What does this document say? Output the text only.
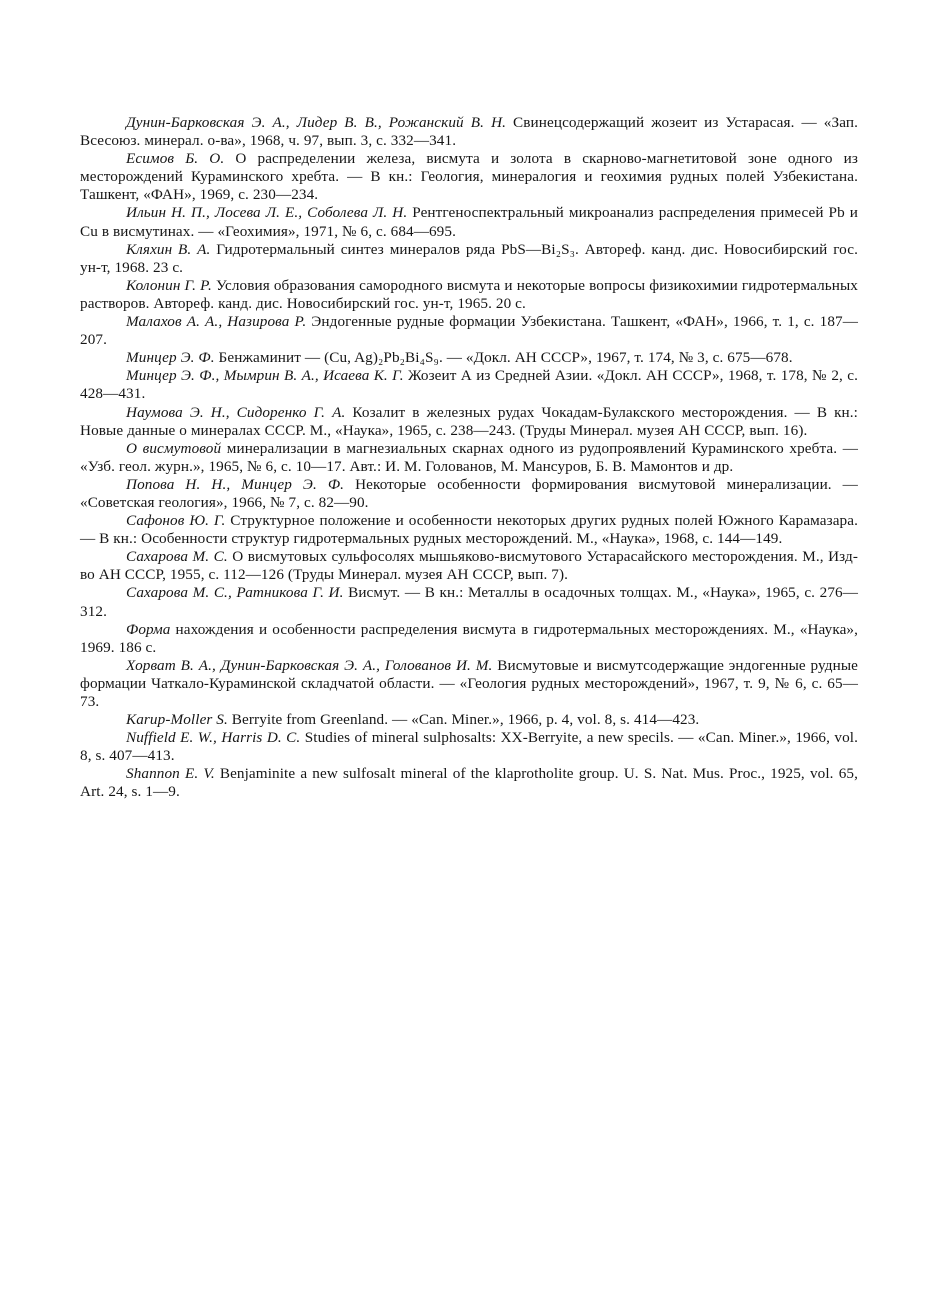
Дунин-Барковская Э. А., Лидер В. В., Рожанский В. Н. Свинецсодержащий жозеит из Устарасая. — «Зап. Всесоюз. минерал. о-ва», 1968, ч. 97, вып. 3, с. 332—341.

Есимов Б. О. О распределении железа, висмута и золота в скарново-магнетитовой зоне одного из месторождений Кураминского хребта. — В кн.: Геология, минералогия и геохимия рудных полей Узбекистана. Ташкент, «ФАН», 1969, с. 230—234.

Ильин Н. П., Лосева Л. Е., Соболева Л. Н. Рентгеноспектральный микроанализ распределения примесей Pb и Cu в висмутинах. — «Геохимия», 1971, № 6, с. 684—695.

Кляхин В. А. Гидротермальный синтез минералов ряда PbS—Bi₂S₃. Автореф. канд. дис. Новосибирский гос. ун-т, 1968. 23 с.

Колонин Г. Р. Условия образования самородного висмута и некоторые вопросы физикохимии гидротермальных растворов. Автореф. канд. дис. Новосибирский гос. ун-т, 1965. 20 с.

Малахов А. А., Назирова Р. Эндогенные рудные формации Узбекистана. Ташкент, «ФАН», 1966, т. 1, с. 187—207.

Минцер Э. Ф. Бенжаминит — (Cu, Ag)₂Pb₂Bi₄S₉. — «Докл. АН СССР», 1967, т. 174, № 3, с. 675—678.

Минцер Э. Ф., Мымрин В. А., Исаева К. Г. Жозеит А из Средней Азии. «Докл. АН СССР», 1968, т. 178, № 2, с. 428—431.

Наумова Э. Н., Сидоренко Г. А. Козалит в железных рудах Чокадам-Булакского месторождения. — В кн.: Новые данные о минералах СССР. М., «Наука», 1965, с. 238—243. (Труды Минерал. музея АН СССР, вып. 16).

О висмутовой минерализации в магнезиальных скарнах одного из рудопроявлений Кураминского хребта. — «Узб. геол. журн.», 1965, № 6, с. 10—17. Авт.: И. М. Голованов, М. Мансуров, Б. В. Мамонтов и др.

Попова Н. Н., Минцер Э. Ф. Некоторые особенности формирования висмутовой минерализации. — «Советская геология», 1966, № 7, с. 82—90.

Сафонов Ю. Г. Структурное положение и особенности некоторых других рудных полей Южного Карамазара. — В кн.: Особенности структур гидротермальных рудных месторождений. М., «Наука», 1968, с. 144—149.

Сахарова М. С. О висмутовых сульфосолях мышьяково-висмутового Устарасайского месторождения. М., Изд-во АН СССР, 1955, с. 112—126 (Труды Минерал. музея АН СССР, вып. 7).

Сахарова М. С., Ратникова Г. И. Висмут. — В кн.: Металлы в осадочных толщах. М., «Наука», 1965, с. 276—312.

Форма нахождения и особенности распределения висмута в гидротермальных месторождениях. М., «Наука», 1969. 186 с.

Хорват В. А., Дунин-Барковская Э. А., Голованов И. М. Висмутовые и висмутсодержащие эндогенные рудные формации Чаткало-Кураминской складчатой области. — «Геология рудных месторождений», 1967, т. 9, № 6, с. 65—73.

Karup-Moller S. Berryite from Greenland. — «Can. Miner.», 1966, p. 4, vol. 8, s. 414—423.

Nuffield E. W., Harris D. C. Studies of mineral sulphosalts: XX-Berryite, a new specils. — «Can. Miner.», 1966, vol. 8, s. 407—413.

Shannon E. V. Benjaminite a new sulfosalt mineral of the klaprotholite group. U. S. Nat. Mus. Proc., 1925, vol. 65, Art. 24, s. 1—9.
